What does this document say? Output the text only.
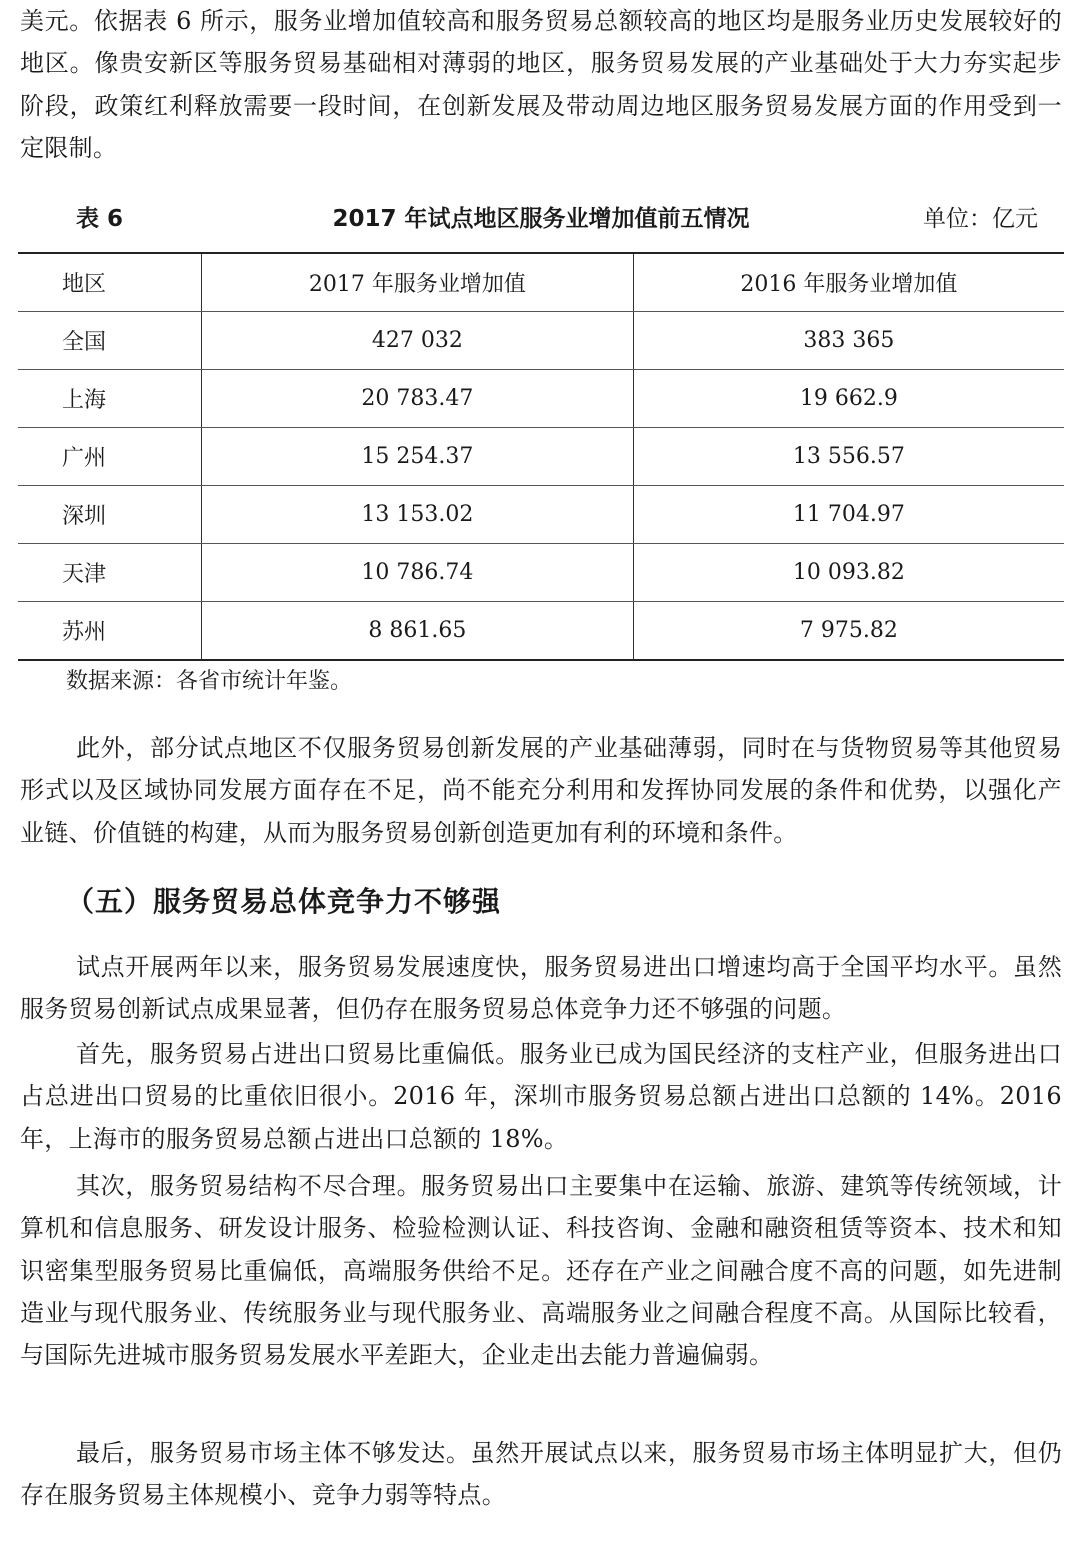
美元。依据表 6 所示，服务业增加值较高和服务贸易总额较高的地区均是服务业历史发展较好的地区。像贵安新区等服务贸易基础相对薄弱的地区，服务贸易发展的产业基础处于大力夯实起步阶段，政策红利释放需要一段时间，在创新发展及带动周边地区服务贸易发展方面的作用受到一定限制。

2017 年试点地区服务业增加值前五情况
表 6	单位：亿元
地区	2017 年服务业增加值	2016 年服务业增加值
全国	427 032	383 365
上海	20 783.47	19 662.9
广州	15 254.37	13 556.57
深圳	13 153.02	11 704.97
天津	10 786.74	10 093.82
苏州	8 861.65	7 975.82
数据来源：各省市统计年鉴。

此外，部分试点地区不仅服务贸易创新发展的产业基础薄弱，同时在与货物贸易等其他贸易形式以及区域协同发展方面存在不足，尚不能充分利用和发挥协同发展的条件和优势，以强化产业链、价值链的构建，从而为服务贸易创新创造更加有利的环境和条件。

（五）服务贸易总体竞争力不够强

试点开展两年以来，服务贸易发展速度快，服务贸易进出口增速均高于全国平均水平。虽然服务贸易创新试点成果显著，但仍存在服务贸易总体竞争力还不够强的问题。

首先，服务贸易占进出口贸易比重偏低。服务业已成为国民经济的支柱产业，但服务进出口占总进出口贸易的比重依旧很小。2016 年，深圳市服务贸易总额占进出口总额的 14%。2016 年，上海市的服务贸易总额占进出口总额的 18%。

其次，服务贸易结构不尽合理。服务贸易出口主要集中在运输、旅游、建筑等传统领域，计算机和信息服务、研发设计服务、检验检测认证、科技咨询、金融和融资租赁等资本、技术和知识密集型服务贸易比重偏低，高端服务供给不足。还存在产业之间融合度不高的问题，如先进制造业与现代服务业、传统服务业与现代服务业、高端服务业之间融合程度不高。从国际比较看，与国际先进城市服务贸易发展水平差距大，企业走出去能力普遍偏弱。

最后，服务贸易市场主体不够发达。虽然开展试点以来，服务贸易市场主体明显扩大，但仍存在服务贸易主体规模小、竞争力弱等特点。
